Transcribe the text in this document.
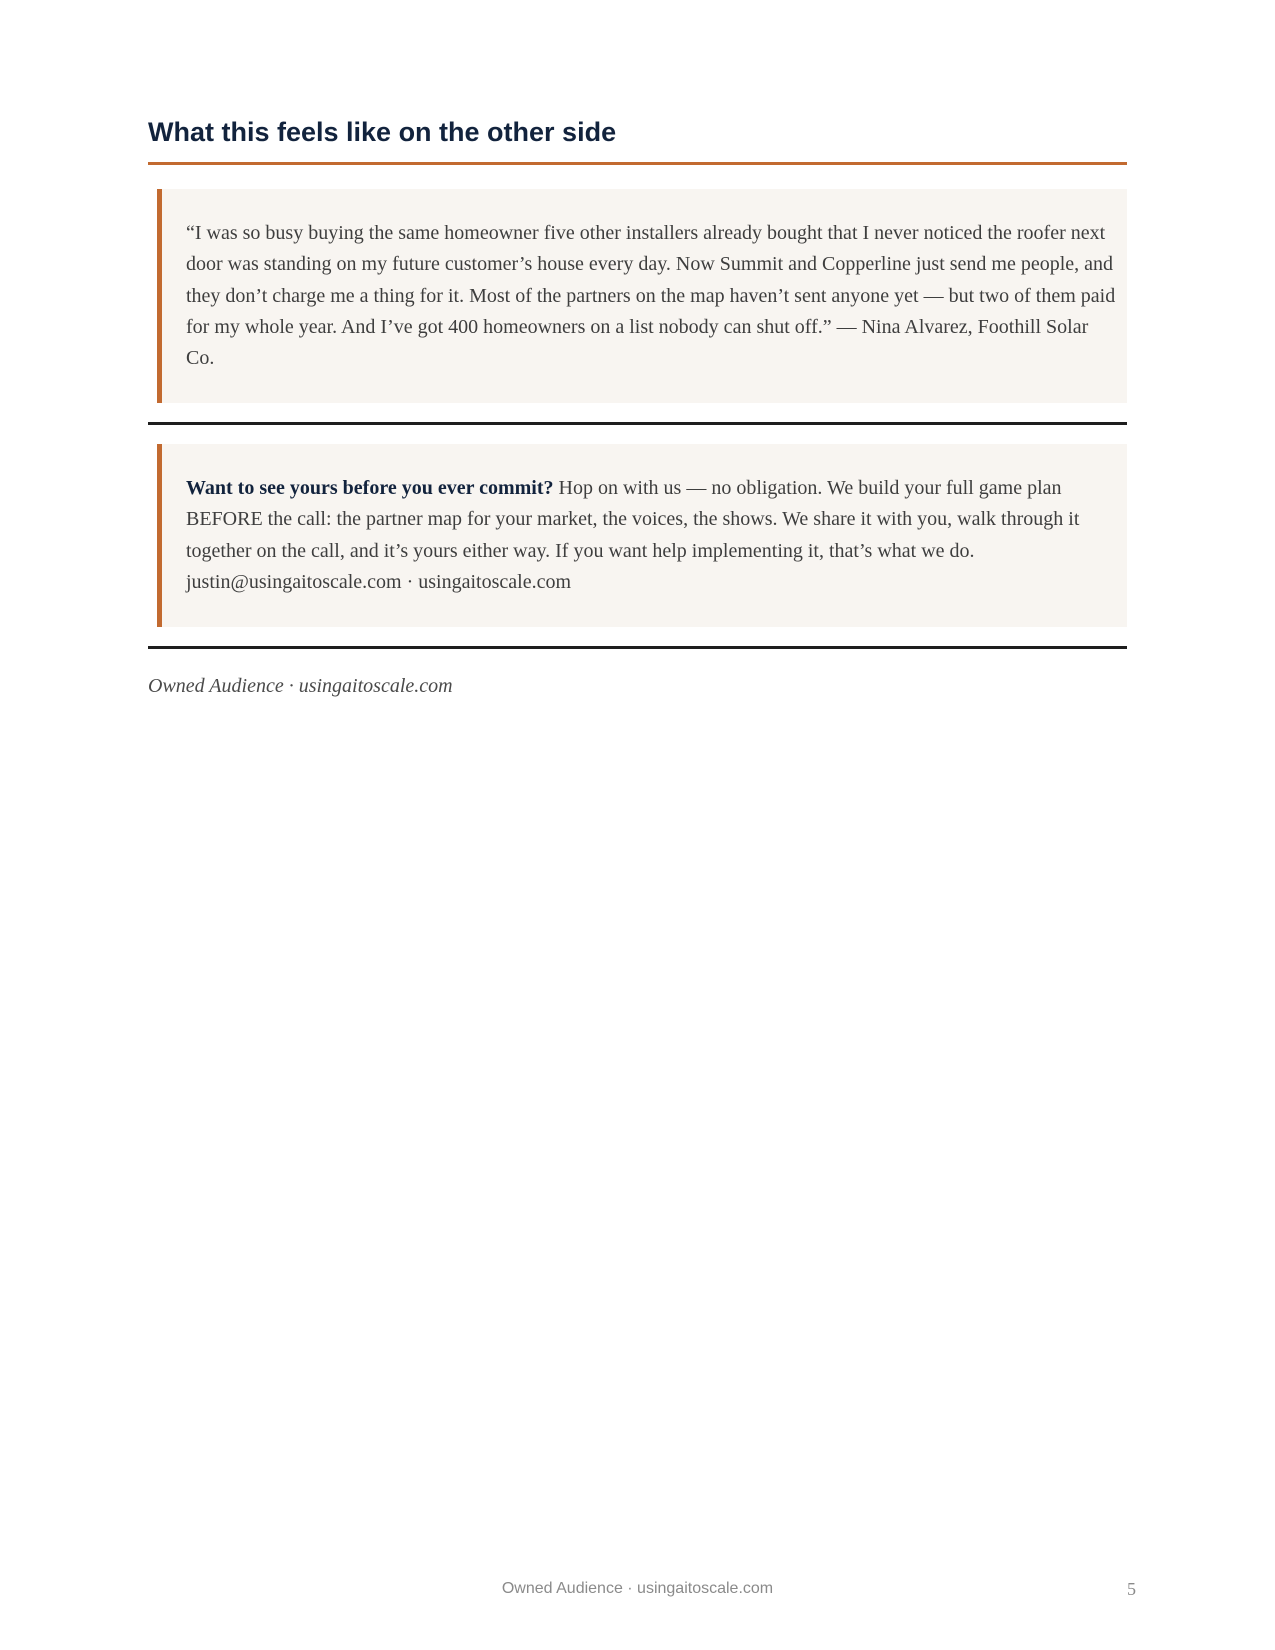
What this feels like on the other side
“I was so busy buying the same homeowner five other installers already bought that I never noticed the roofer next door was standing on my future customer’s house every day. Now Summit and Copperline just send me people, and they don’t charge me a thing for it. Most of the partners on the map haven’t sent anyone yet — but two of them paid for my whole year. And I’ve got 400 homeowners on a list nobody can shut off.” — Nina Alvarez, Foothill Solar Co.
Want to see yours before you ever commit? Hop on with us — no obligation. We build your full game plan BEFORE the call: the partner map for your market, the voices, the shows. We share it with you, walk through it together on the call, and it’s yours either way. If you want help implementing it, that’s what we do. justin@usingaitoscale.com · usingaitoscale.com
Owned Audience · usingaitoscale.com
Owned Audience · usingaitoscale.com	5
